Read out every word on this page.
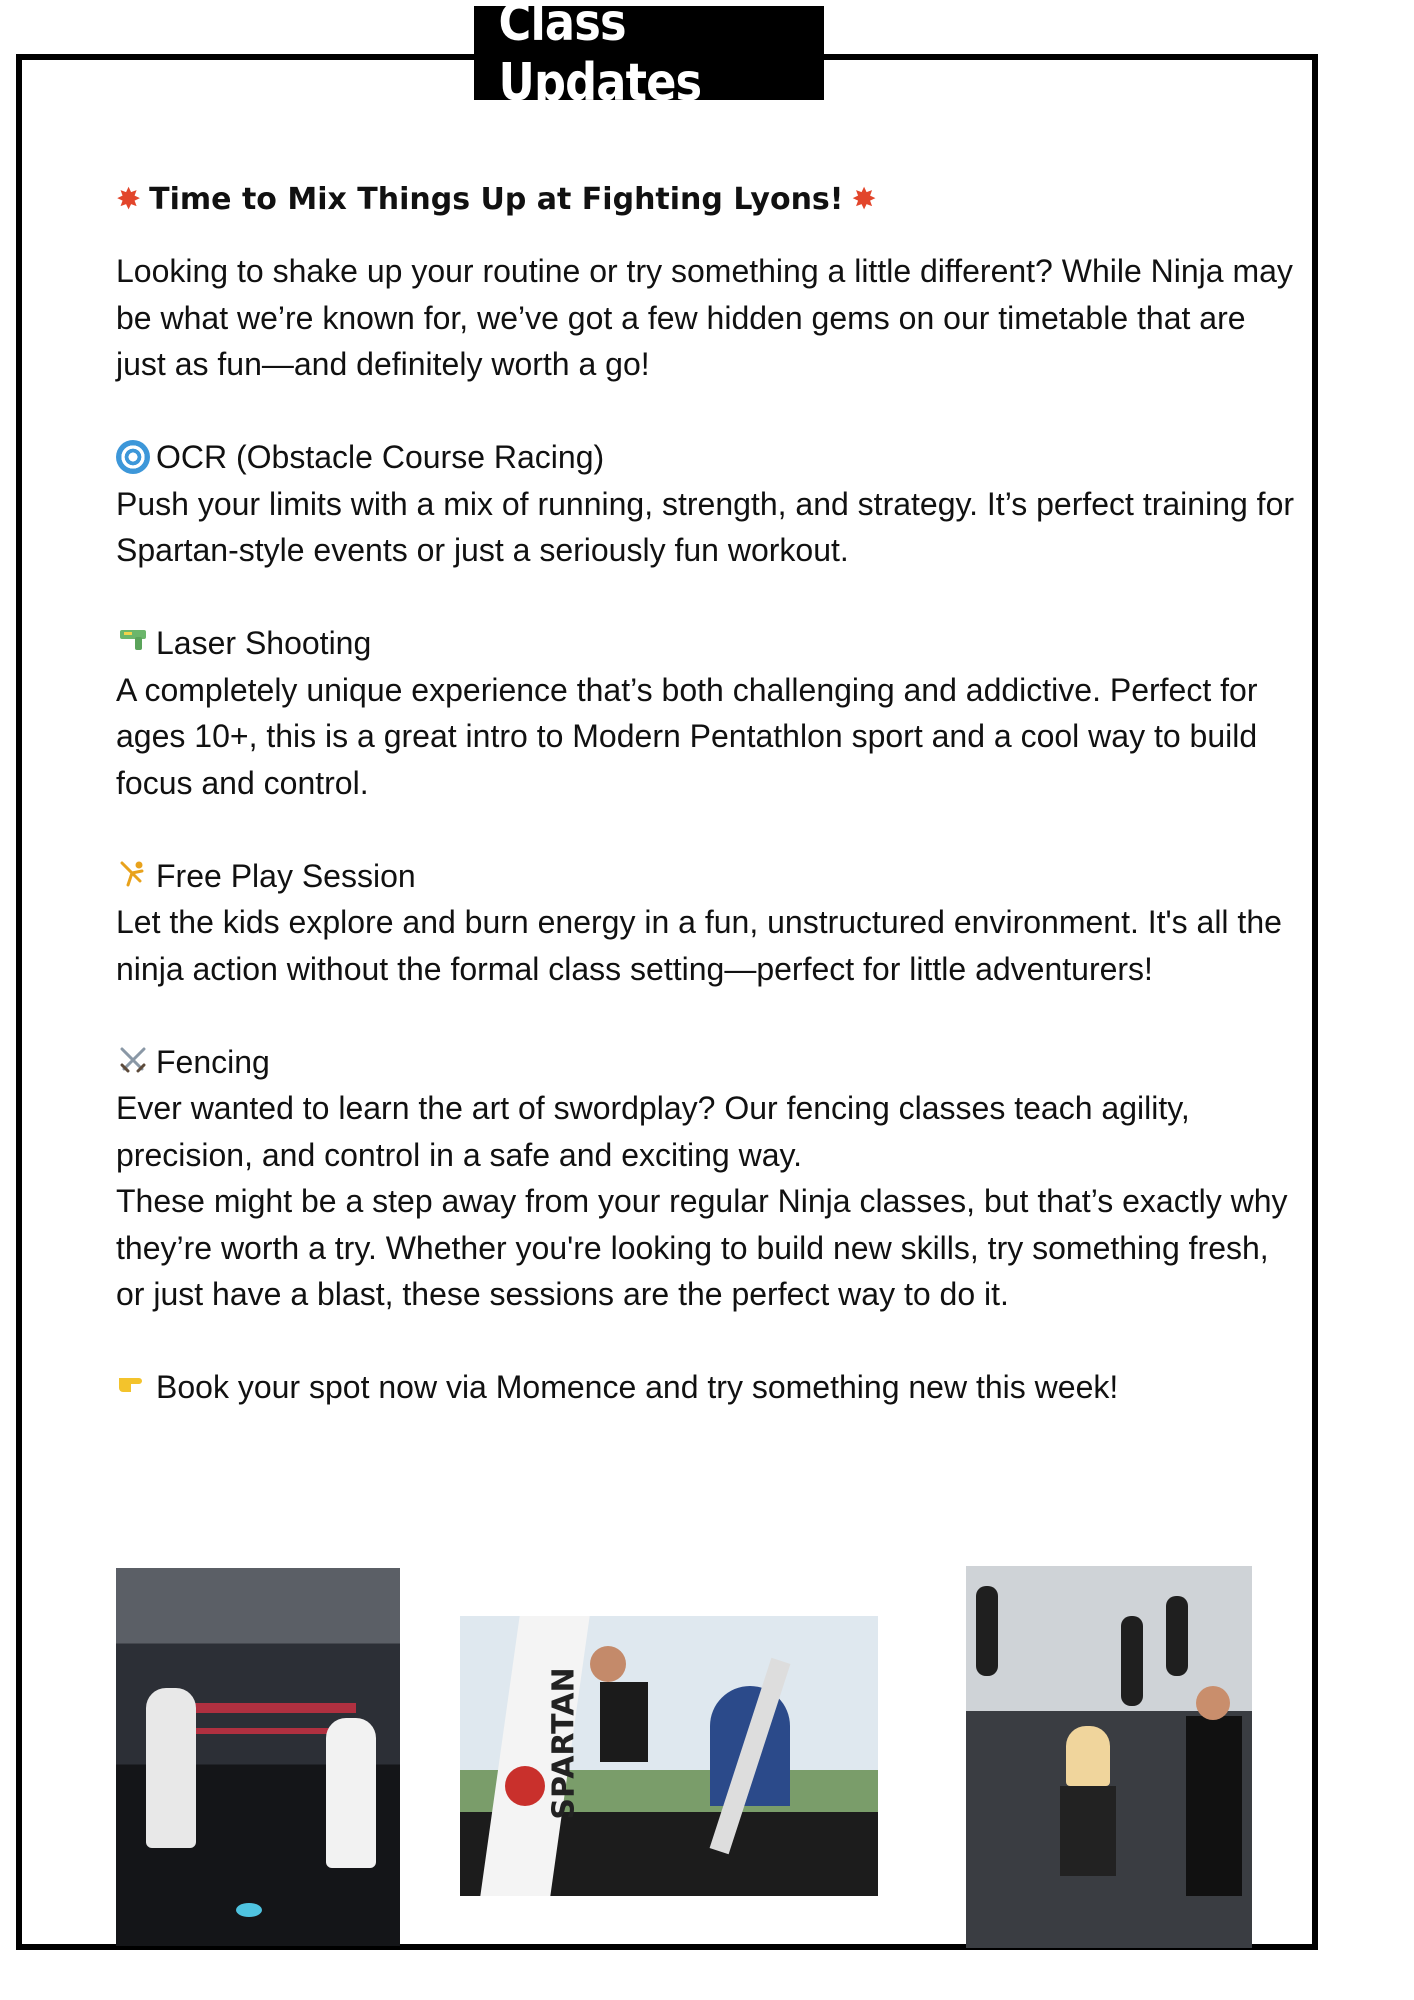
Class Updates
✸ Time to Mix Things Up at Fighting Lyons! ✸

Looking to shake up your routine or try something a little different? While Ninja may be what we’re known for, we’ve got a few hidden gems on our timetable that are just as fun—and definitely worth a go!

OCR (Obstacle Course Racing)

Push your limits with a mix of running, strength, and strategy. It’s perfect training for Spartan-style events or just a seriously fun workout.

Laser Shooting

A completely unique experience that’s both challenging and addictive. Perfect for ages 10+, this is a great intro to Modern Pentathlon sport and a cool way to build focus and control.

Free Play Session

Let the kids explore and burn energy in a fun, unstructured environment. It's all the ninja action without the formal class setting—perfect for little adventurers!

Fencing

Ever wanted to learn the art of swordplay? Our fencing classes teach agility, precision, and control in a safe and exciting way.

These might be a step away from your regular Ninja classes, but that’s exactly why they’re worth a try. Whether you're looking to build new skills, try something fresh, or just have a blast, these sessions are the perfect way to do it.

Book your spot now via Momence and try something new this week!
SPARTAN
